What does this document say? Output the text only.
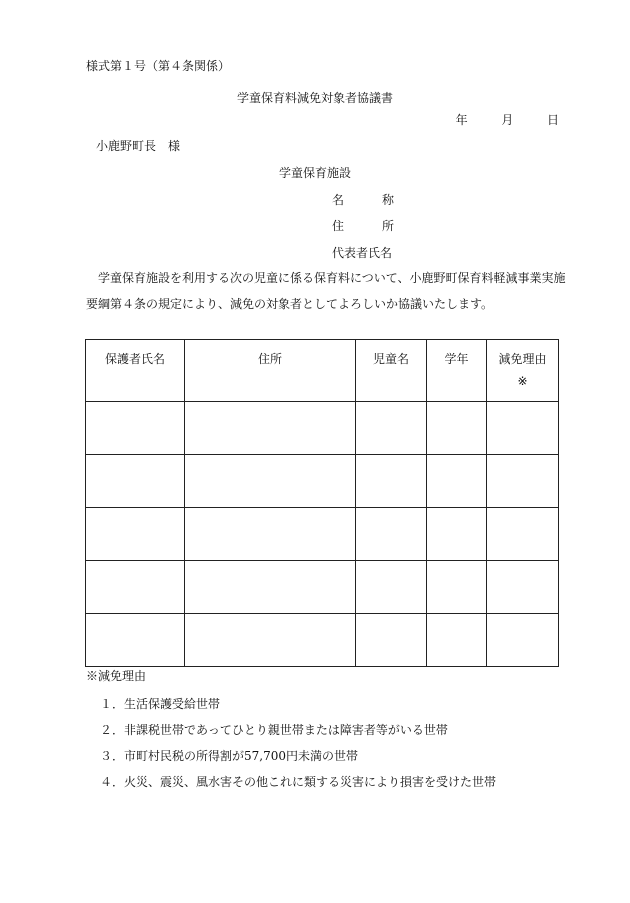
様式第１号（第４条関係）
学童保育料減免対象者協議書
年	月	日
小鹿野町長　様
学童保育施設
名称
住所
代表者氏名

学童保育施設を利用する次の児童に係る保育料について、小鹿野町保育料軽減事業実施要綱第４条の規定により、減免の対象者としてよろしいか協議いたします。

保護者氏名	住所	児童名	学年	減免理由
※

※減免理由
１．生活保護受給世帯
２．非課税世帯であってひとり親世帯または障害者等がいる世帯
３．市町村民税の所得割が57,700円未満の世帯
４．火災、震災、風水害その他これに類する災害により損害を受けた世帯
